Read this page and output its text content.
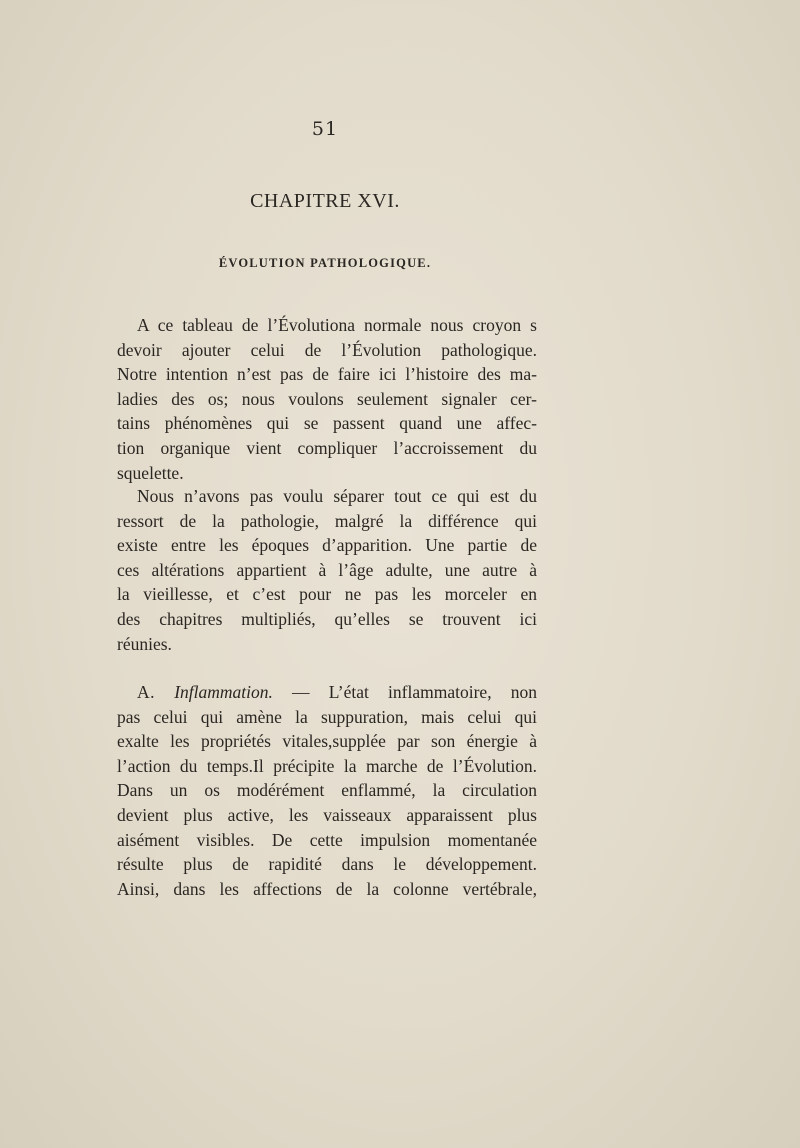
51
CHAPITRE XVI.
ÉVOLUTION PATHOLOGIQUE.
A ce tableau de l’Évolutiona normale nous croyon s
devoir ajouter celui de l’Évolution pathologique.
Notre intention n’est pas de faire ici l’histoire des ma-
ladies des os; nous voulons seulement signaler cer-
tains phénomènes qui se passent quand une affec-
tion organique vient compliquer l’accroissement du
squelette.
Nous n’avons pas voulu séparer tout ce qui est du
ressort de la pathologie, malgré la différence qui
existe entre les époques d’apparition. Une partie de
ces altérations appartient à l’âge adulte, une autre à
la vieillesse, et c’est pour ne pas les morceler en
des chapitres multipliés, qu’elles se trouvent ici
réunies.
A. Inflammation. — L’état inflammatoire, non
pas celui qui amène la suppuration, mais celui qui
exalte les propriétés vitales,supplée par son énergie à
l’action du temps.Il précipite la marche de l’Évolution.
Dans un os modérément enflammé, la circulation
devient plus active, les vaisseaux apparaissent plus
aisément visibles. De cette impulsion momentanée
résulte plus de rapidité dans le développement.
Ainsi, dans les affections de la colonne vertébrale,
